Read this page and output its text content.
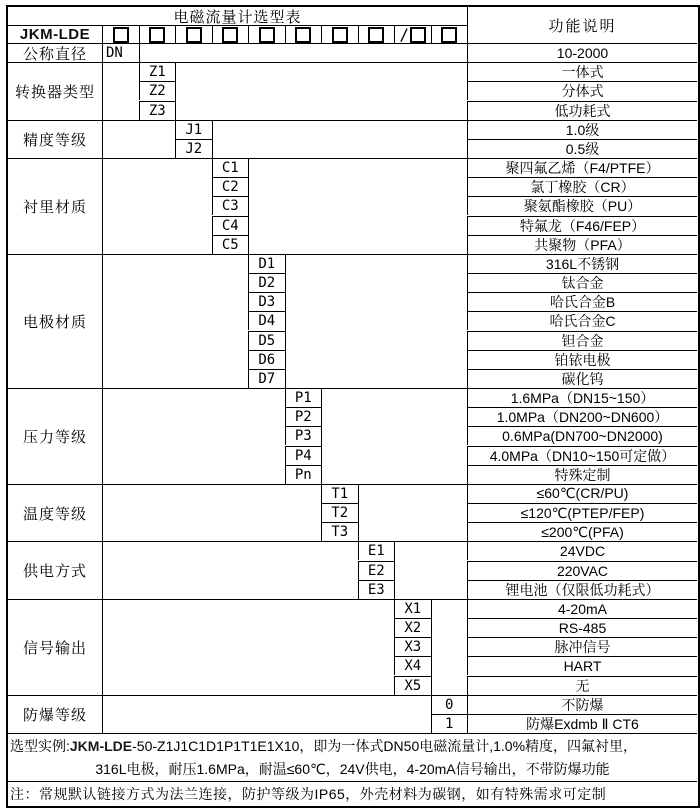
电磁流量计选型表
功能说明
JKM-LDE
选型实例:JKM-LDE-50-Z1J1C1D1P1T1E1X10，即为一体式DN50电磁流量计,1.0%精度，四氟衬里，
316L电极，耐压1.6MPa，耐温≤60℃，24V供电，4-20mA信号输出，不带防爆功能
注：常规默认链接方式为法兰连接，防护等级为IP65，外壳材料为碳钢，如有特殊需求可定制
/
公称直径	DN	10-2000
转换器类型
Z1	一体式
Z2	分体式
Z3	低功耗式
精度等级
J1	1.0级
J2	0.5级
衬里材质
C1	聚四氟乙烯（F4/PTFE）
C2	氯丁橡胶（CR）
C3	聚氨酯橡胶（PU）
C4	特氟龙（F46/FEP）
C5	共聚物（PFA）
电极材质
D1	316L不锈钢
D2	钛合金
D3	哈氏合金B
D4	哈氏合金C
D5	钽合金
D6	铂铱电极
D7	碳化钨
压力等级
P1	1.6MPa（DN15~150）
P2	1.0MPa（DN200~DN600）
P3	0.6MPa(DN700~DN2000)
P4	4.0MPa（DN10~150可定做）
Pn	特殊定制
温度等级
T1	≤60℃(CR/PU)
T2	≤120℃(PTEP/FEP)
T3	≤200℃(PFA)
供电方式
E1	24VDC
E2	220VAC
E3	锂电池（仅限低功耗式）
信号输出
X1	4-20mA
X2	RS-485
X3	脉冲信号
X4	HART
X5	无
防爆等级
0	不防爆
1	防爆Exdmb Ⅱ CT6
